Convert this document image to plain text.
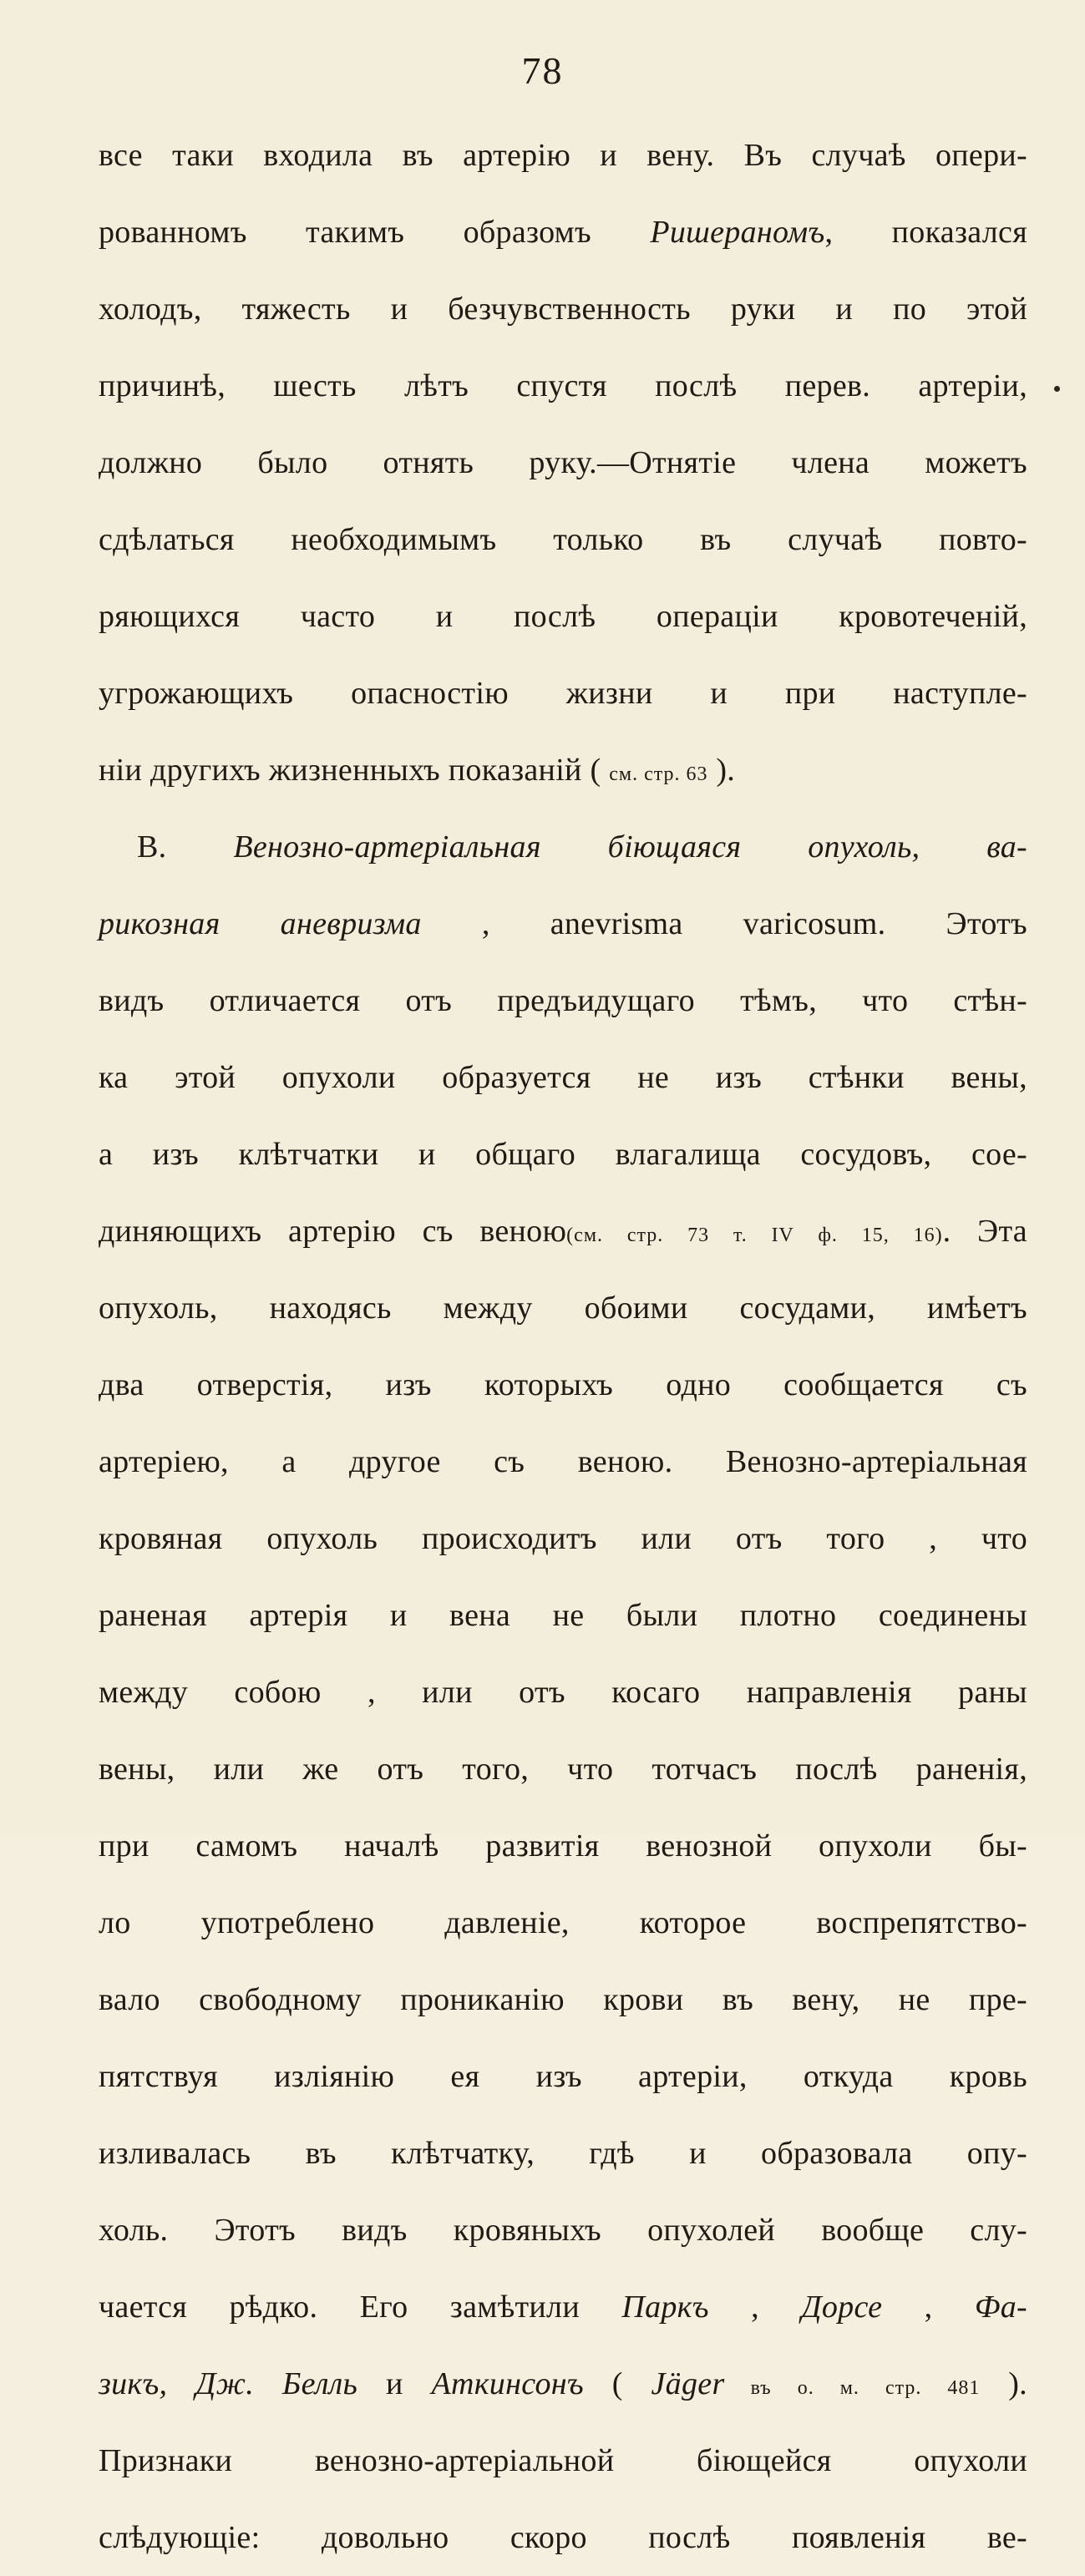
78
все таки входила въ артерію и вену. Въ случаѣ опери-
рованномъ такимъ образомъ Ришерaномъ, показался
холодъ, тяжесть и безчувственность руки и по этой
причинѣ, шесть лѣтъ спустя послѣ перев. артеріи,
должно было отнять руку.—Отнятіе члена можетъ
сдѣлаться необходимымъ только въ случаѣ повто-
ряющихся часто и послѣ операціи кровотеченій,
угрожающихъ опасностію жизни и при наступле-
ніи другихъ жизненныхъ показаній ( см. стр. 63 ).
В. Венозно-артеріальная біющаяся опухоль, ва-
рикозная аневризма , anevrisma varicosum. Этотъ
видъ отличается отъ предъидущаго тѣмъ, что стѣн-
ка этой опухоли образуется не изъ стѣнки вены,
а изъ клѣтчатки и общаго влагалища сосудовъ, сое-
диняющихъ артерію съ веною(см. стр. 73 т. IV ф. 15, 16). Эта
опухоль, находясь между обоими сосудами, имѣетъ
два отверстія, изъ которыхъ одно сообщается съ
артеріею, а другое съ веною. Венозно-артеріальная
кровяная опухоль происходитъ или отъ того , что
раненая артерія и вена не были плотно соединены
между собою , или отъ косаго направленія раны
вены, или же отъ того, что тотчасъ послѣ раненія,
при самомъ началѣ развитія венозной опухоли бы-
ло употреблено давленіе, которое воспрепятство-
вало свободному проникaнію крови въ вену, не пре-
пятствуя изліянію ея изъ артеріи, откуда кровь
изливалась въ клѣтчатку, гдѣ и образовала опу-
холь. Этотъ видъ кровяныхъ опухолей вообще слу-
чается рѣдко. Его замѣтили Паркъ , Дорсе , Фа-
зикъ, Дж. Белль и Аткинсонъ ( Jäger въ о. м. стр. 481 ).
Признаки венозно-артеріальной біющейся опухоли
слѣдующіе: довольно скоро послѣ появленія ве-
